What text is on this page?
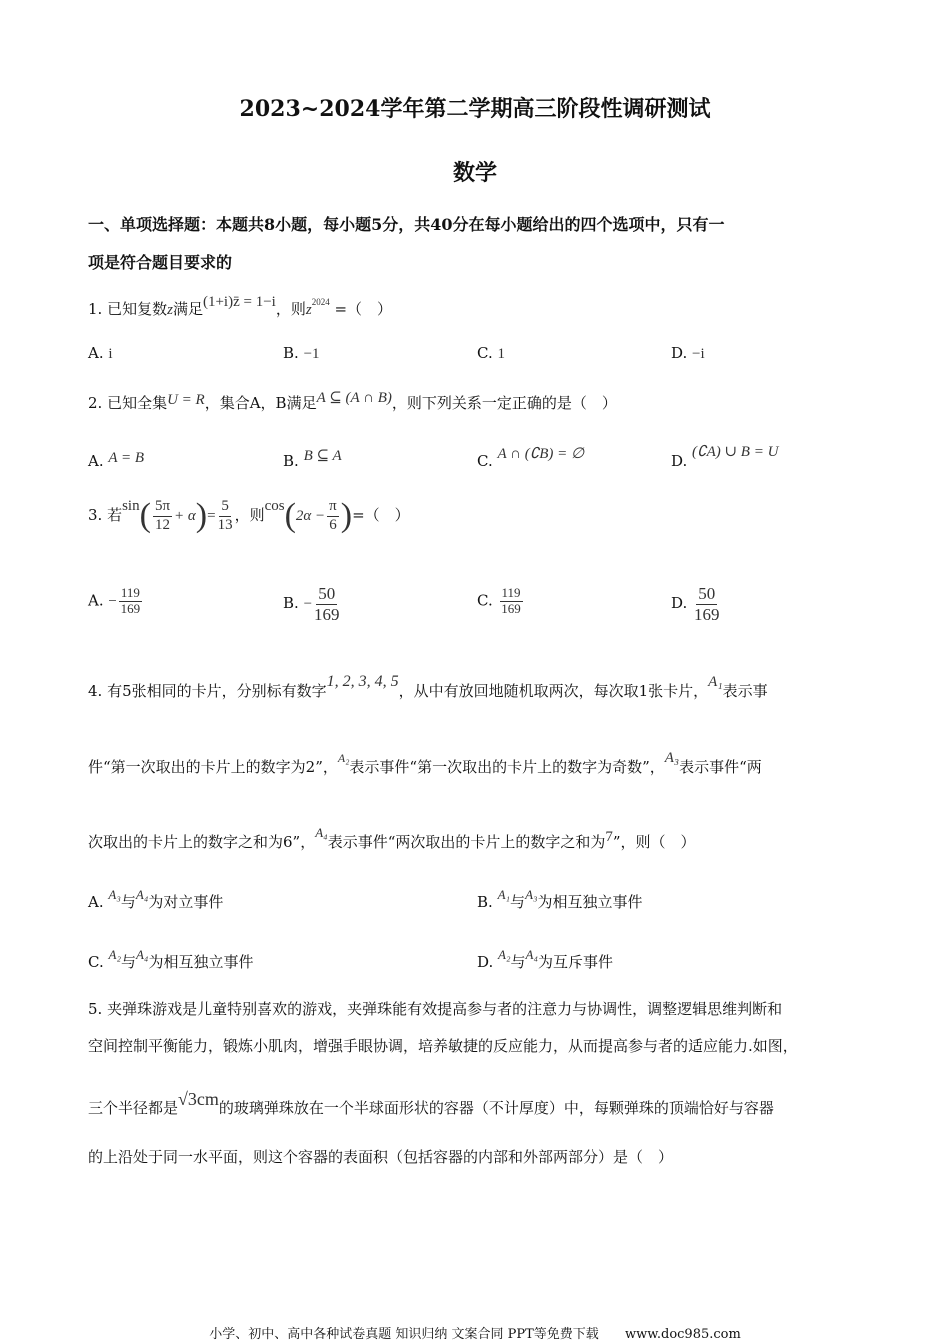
2023~2024学年第二学期高三阶段性调研测试
数学
一、单项选择题：本题共8小题，每小题5分，共40分在每小题给出的四个选项中，只有一
项是符合题目要求的
1. 已知复数z满足(1+i)z̄ = 1−i，则$z^{2024}$ =（　）
A. i	B. −1	C. 1	D. −i
2. 已知全集U = R，集合A，B满足A ⊆ (A ∩ B)，则下列关系一定正确的是（　）
A. A = B	B. B ⊆ A	C. A ∩ (∁B) = ∅	D. (∁A) ∪ B = U
3. 若$\sin( \frac{5\pi}{12} + \alpha)= \frac{5}{13}$ ，则$\cos(2\alpha - \frac{\pi}{6}$ )=（　）
A. − $\frac{119}{169}$	B. − $\frac{50}{169}$	C. $\frac{119}{169}$	D. $\frac{50}{169}$
4. 有5张相同的卡片，分别标有数字1, 2, 3, 4, 5，从中有放回地随机取两次，每次取1张卡片，A₁表示事
件“第一次取出的卡片上的数字为2”，$^{A_2}$表示事件“第一次取出的卡片上的数字为奇数”，A₃表示事件“两
次取出的卡片上的数字之和为6”，A₄表示事件“两次取出的卡片上的数字之和为7”，则（　）
A. A₃与A₄为对立事件	B. A₁与A₃为相互独立事件
C. A₂与A₄为相互独立事件	D. A₂与A₄为互斥事件
5. 夹弹珠游戏是儿童特别喜欢的游戏，夹弹珠能有效提高参与者的注意力与协调性，调整逻辑思维判断和
空间控制平衡能力，锻炼小肌肉，增强手眼协调，培养敏捷的反应能力，从而提高参与者的适应能力.如图，
三个半径都是√3cm的玻璃弹珠放在一个半球面形状的容器（不计厚度）中，每颗弹珠的顶端恰好与容器
的上沿处于同一水平面，则这个容器的表面积（包括容器的内部和外部两部分）是（　）
小学、初中、高中各种试卷真题 知识归纳 文案合同 PPT等免费下载 www.doc985.com
